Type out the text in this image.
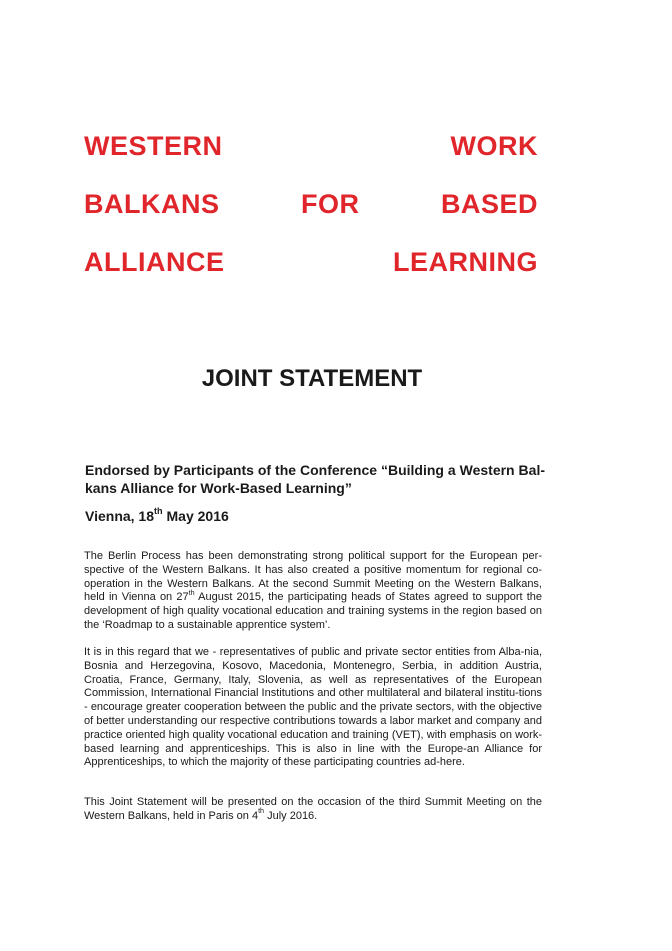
WESTERN	WORK
BALKANS	FOR	BASED
ALLIANCE	LEARNING
JOINT STATEMENT
Endorsed by Participants of the Conference “Building a Western Bal-kans Alliance for Work-Based Learning”
Vienna, 18th May 2016
The Berlin Process has been demonstrating strong political support for the European per-spective of the Western Balkans. It has also created a positive momentum for regional co-operation in the Western Balkans. At the second Summit Meeting on the Western Balkans, held in Vienna on 27th August 2015, the participating heads of States agreed to support the development of high quality vocational education and training systems in the region based on the ‘Roadmap to a sustainable apprentice system’.
It is in this regard that we - representatives of public and private sector entities from Alba-nia, Bosnia and Herzegovina, Kosovo, Macedonia, Montenegro, Serbia, in addition Austria, Croatia, France, Germany, Italy, Slovenia, as well as representatives of the European Commission, International Financial Institutions and other multilateral and bilateral institu-tions - encourage greater cooperation between the public and the private sectors, with the objective of better understanding our respective contributions towards a labor market and company and practice oriented high quality vocational education and training (VET), with emphasis on work-based learning and apprenticeships. This is also in line with the Europe-an Alliance for Apprenticeships, to which the majority of these participating countries ad-here.
This Joint Statement will be presented on the occasion of the third Summit Meeting on the Western Balkans, held in Paris on 4th July 2016.
